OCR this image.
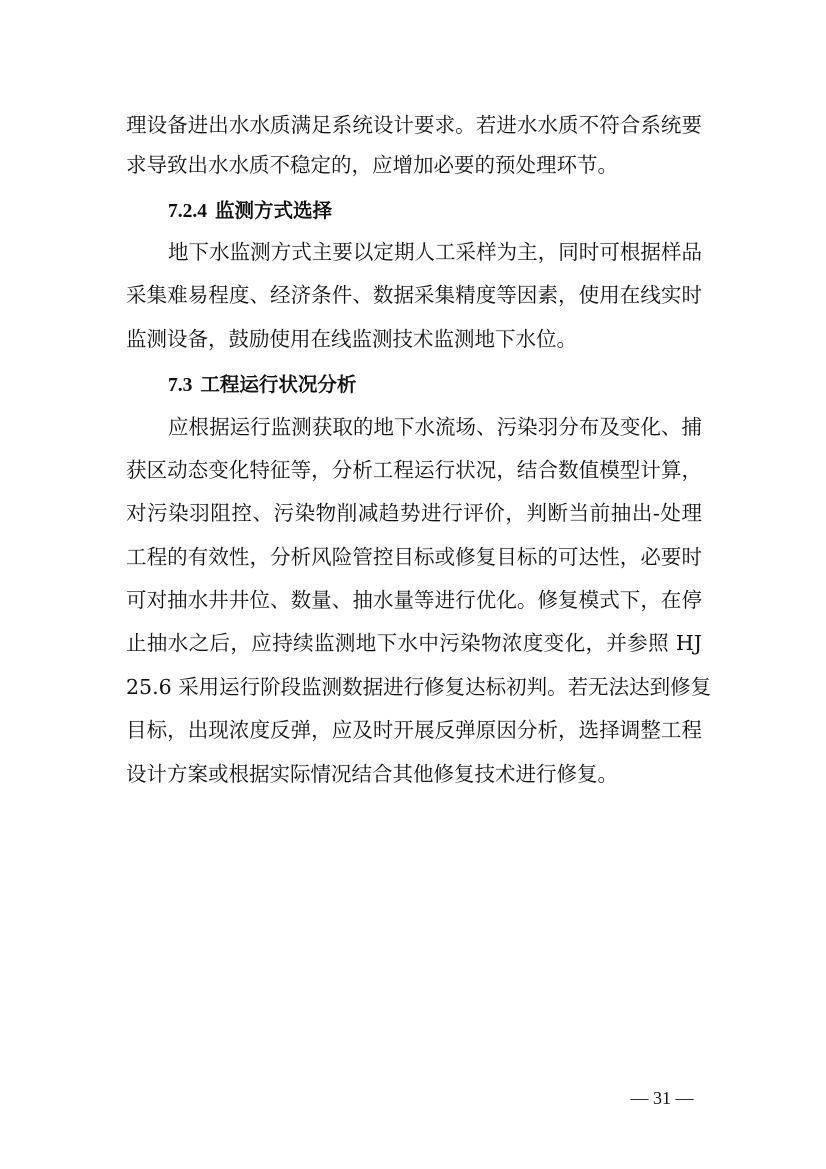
理设备进出水水质满足系统设计要求。若进水水质不符合系统要
求导致出水水质不稳定的，应增加必要的预处理环节。
7.2.4 监测方式选择
地下水监测方式主要以定期人工采样为主，同时可根据样品
采集难易程度、经济条件、数据采集精度等因素，使用在线实时
监测设备，鼓励使用在线监测技术监测地下水位。
7.3 工程运行状况分析
应根据运行监测获取的地下水流场、污染羽分布及变化、捕
获区动态变化特征等，分析工程运行状况，结合数值模型计算，
对污染羽阻控、污染物削减趋势进行评价，判断当前抽出-处理
工程的有效性，分析风险管控目标或修复目标的可达性，必要时
可对抽水井井位、数量、抽水量等进行优化。修复模式下，在停
止抽水之后，应持续监测地下水中污染物浓度变化，并参照 HJ
25.6 采用运行阶段监测数据进行修复达标初判。若无法达到修复
目标，出现浓度反弹，应及时开展反弹原因分析，选择调整工程
设计方案或根据实际情况结合其他修复技术进行修复。
— 31 —
